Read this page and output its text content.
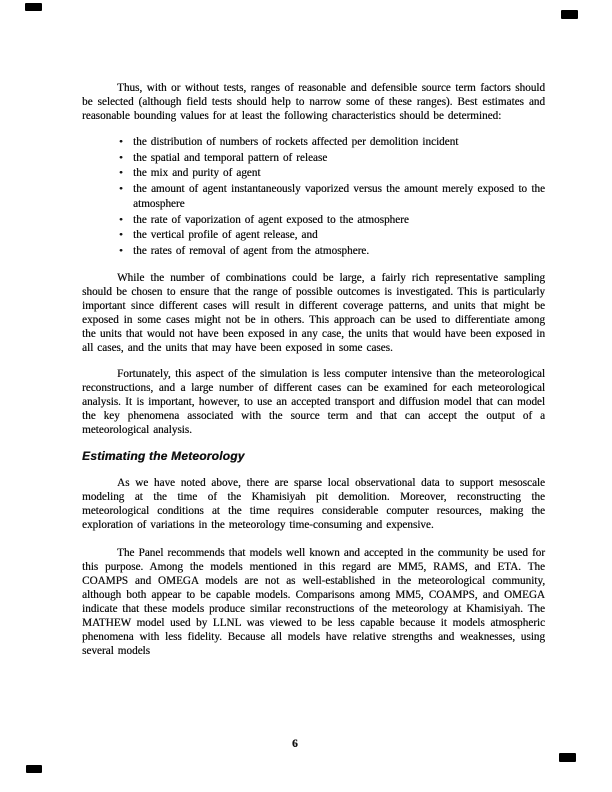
Thus, with or without tests, ranges of reasonable and defensible source term factors should be selected (although field tests should help to narrow some of these ranges). Best estimates and reasonable bounding values for at least the following characteristics should be determined:

• the distribution of numbers of rockets affected per demolition incident
• the spatial and temporal pattern of release
• the mix and purity of agent
• the amount of agent instantaneously vaporized versus the amount merely exposed to the atmosphere
• the rate of vaporization of agent exposed to the atmosphere
• the vertical profile of agent release, and
• the rates of removal of agent from the atmosphere.

While the number of combinations could be large, a fairly rich representative sampling should be chosen to ensure that the range of possible outcomes is investigated. This is particularly important since different cases will result in different coverage patterns, and units that might be exposed in some cases might not be in others. This approach can be used to differentiate among the units that would not have been exposed in any case, the units that would have been exposed in all cases, and the units that may have been exposed in some cases.

Fortunately, this aspect of the simulation is less computer intensive than the meteorological reconstructions, and a large number of different cases can be examined for each meteorological analysis. It is important, however, to use an accepted transport and diffusion model that can model the key phenomena associated with the source term and that can accept the output of a meteorological analysis.

Estimating the Meteorology

As we have noted above, there are sparse local observational data to support mesoscale modeling at the time of the Khamisiyah pit demolition. Moreover, reconstructing the meteorological conditions at the time requires considerable computer resources, making the exploration of variations in the meteorology time-consuming and expensive.

The Panel recommends that models well known and accepted in the community be used for this purpose. Among the models mentioned in this regard are MM5, RAMS, and ETA. The COAMPS and OMEGA models are not as well-established in the meteorological community, although both appear to be capable models. Comparisons among MM5, COAMPS, and OMEGA indicate that these models produce similar reconstructions of the meteorology at Khamisiyah. The MATHEW model used by LLNL was viewed to be less capable because it models atmospheric phenomena with less fidelity. Because all models have relative strengths and weaknesses, using several models

6
